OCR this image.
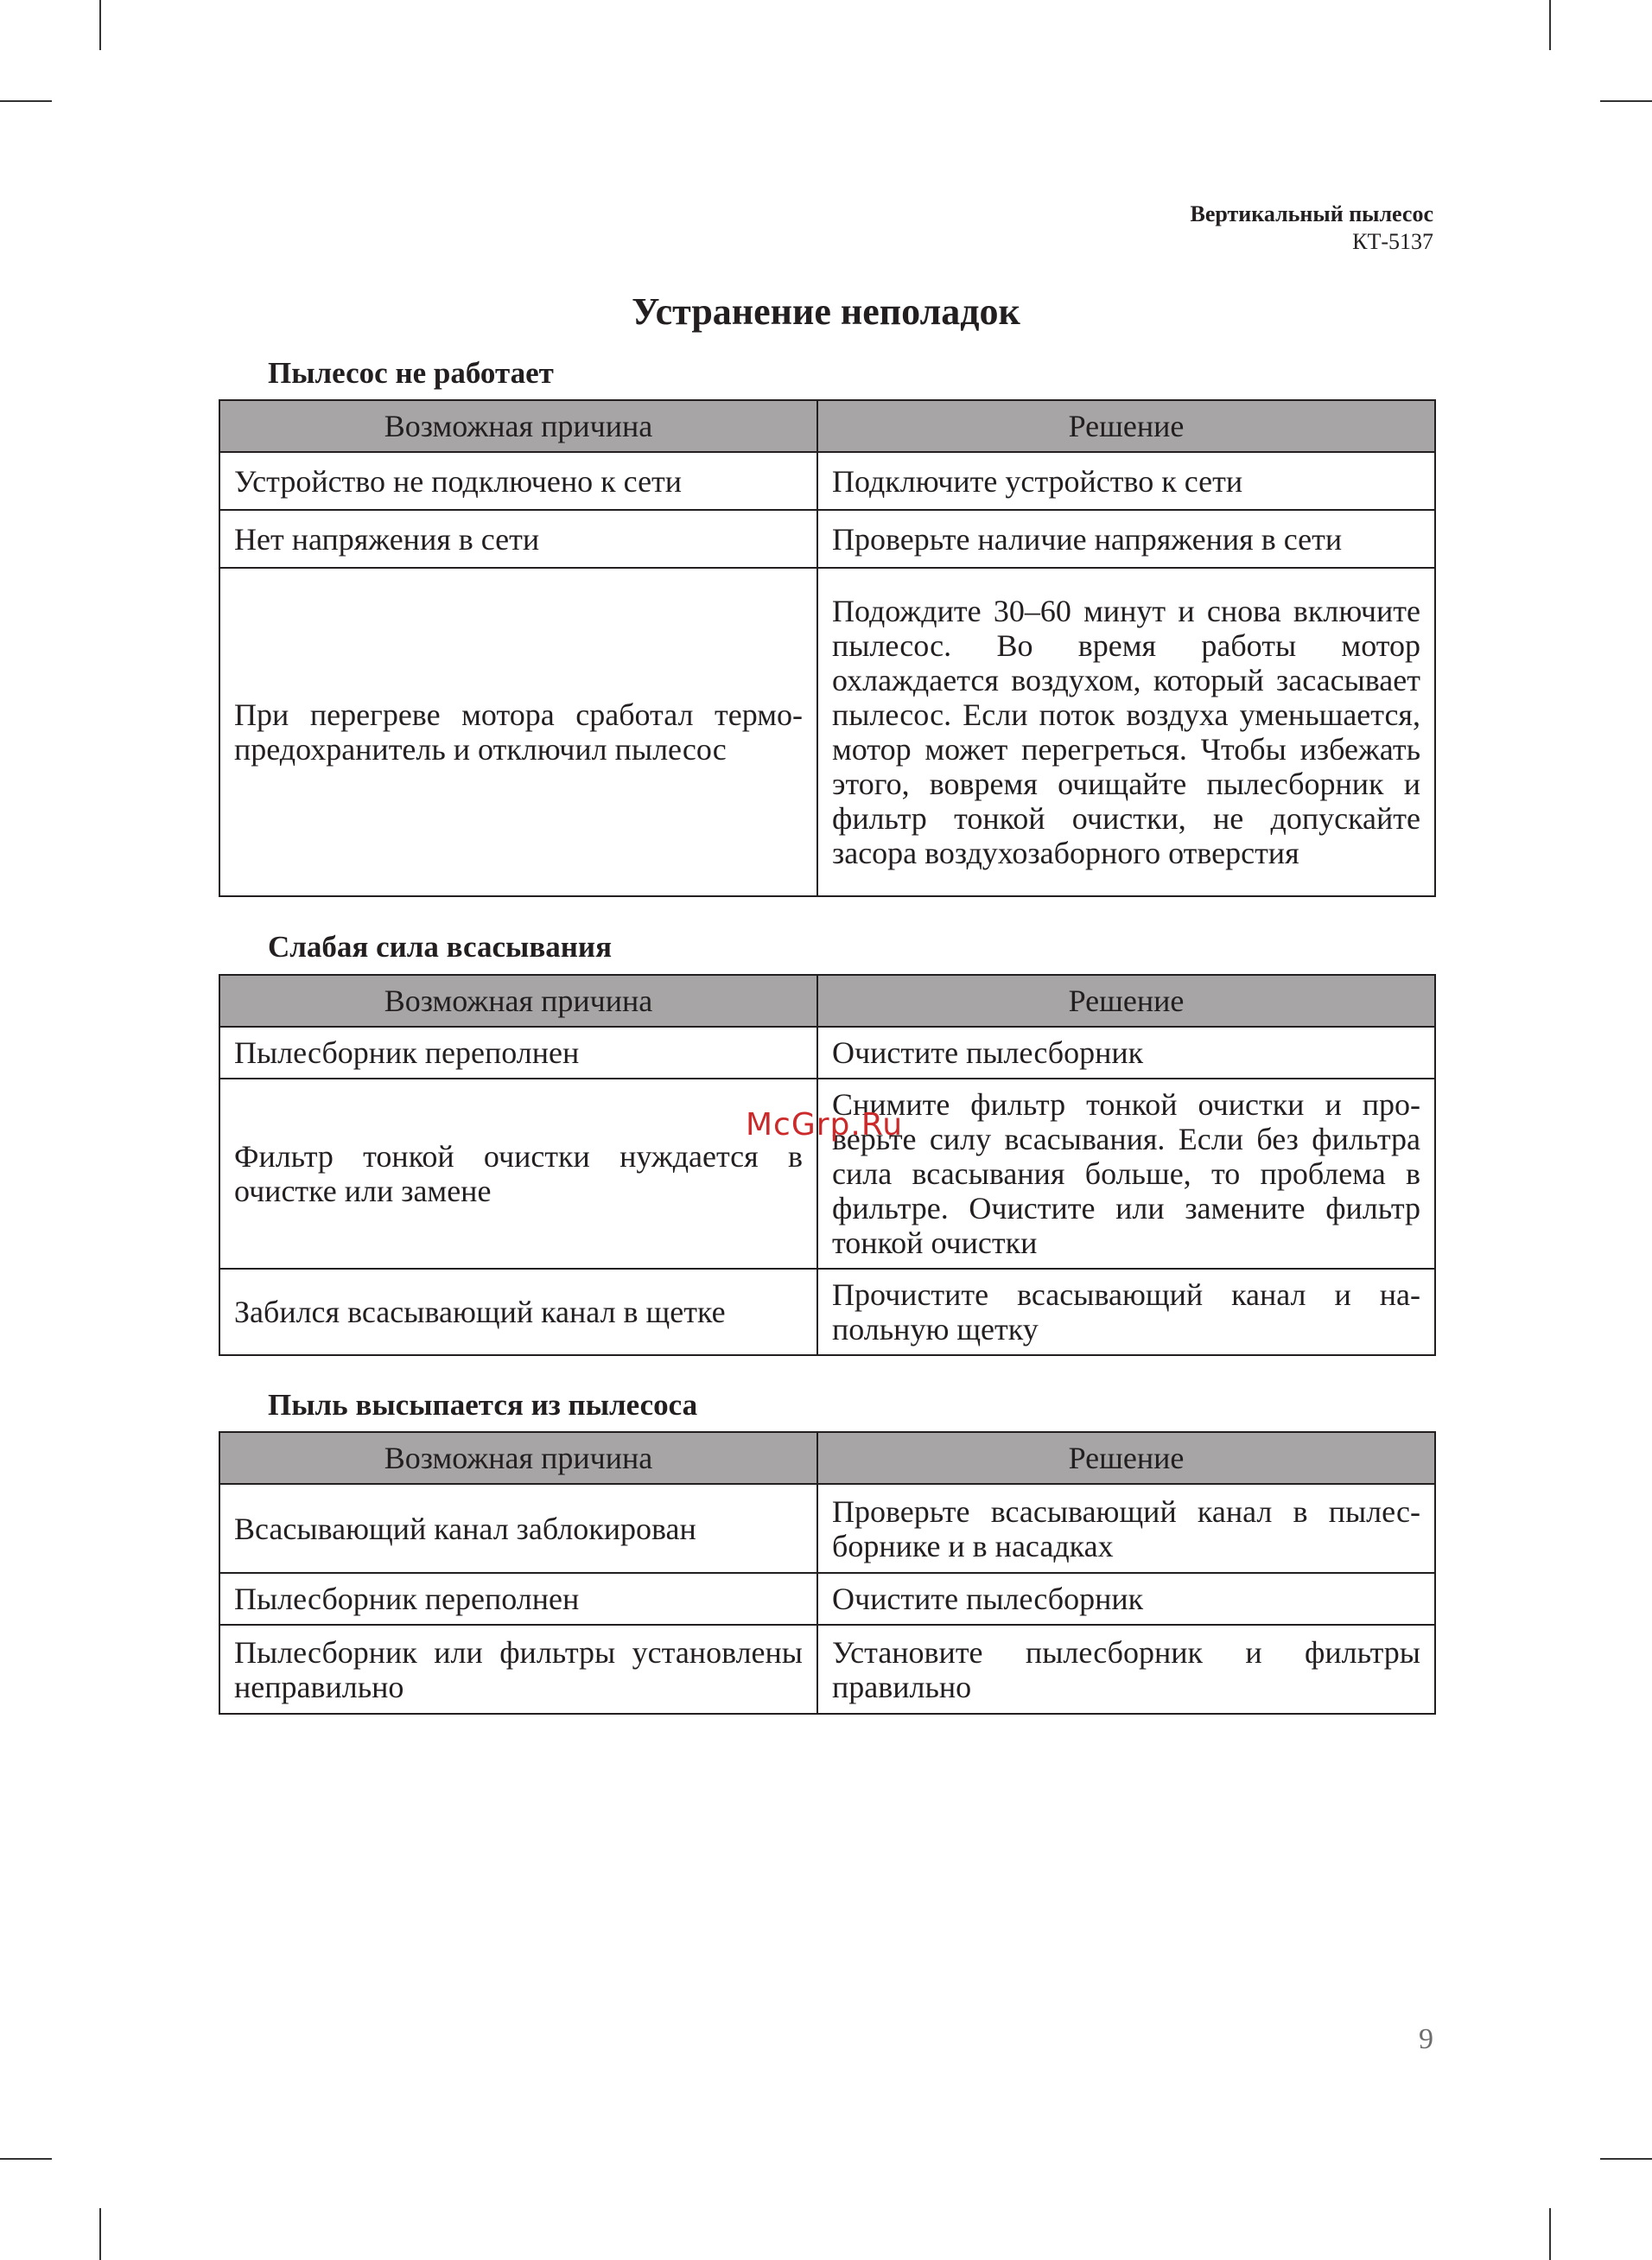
Вертикальный пылесос
КТ-5137
Устранение неполадок
Пылесос не работает
Возможная причина	Решение
Устройство не подключено к сети	Подключите устройство к сети
Нет напряжения в сети	Проверьте наличие напряжения в сети
При перегреве мотора сработал термопредохранитель и отключил пылесос	Подождите 30–60 минут и снова включите пылесос. Во время работы мотор охлаждается воздухом, который засасывает пылесос. Если поток воздуха уменьшается, мотор может перегреться. Чтобы избежать этого, вовремя очищайте пылесборник и фильтр тонкой очистки, не допускайте засора воздухозаборного отверстия
Слабая сила всасывания
Возможная причина	Решение
Пылесборник переполнен	Очистите пылесборник
Фильтр тонкой очистки нуждается в очистке или замене	Снимите фильтр тонкой очистки и проверьте силу всасывания. Если без фильтра сила всасывания больше, то проблема в фильтре. Очистите или замените фильтр тонкой очистки
Забился всасывающий канал в щетке	Прочистите всасывающий канал и напольную щетку
Пыль высыпается из пылесоса
Возможная причина	Решение
Всасывающий канал заблокирован	Проверьте всасывающий канал в пылесборнике и в насадках
Пылесборник переполнен	Очистите пылесборник
Пылесборник или фильтры установлены неправильно	Установите пылесборник и фильтры правильно
McGrp.Ru
9
